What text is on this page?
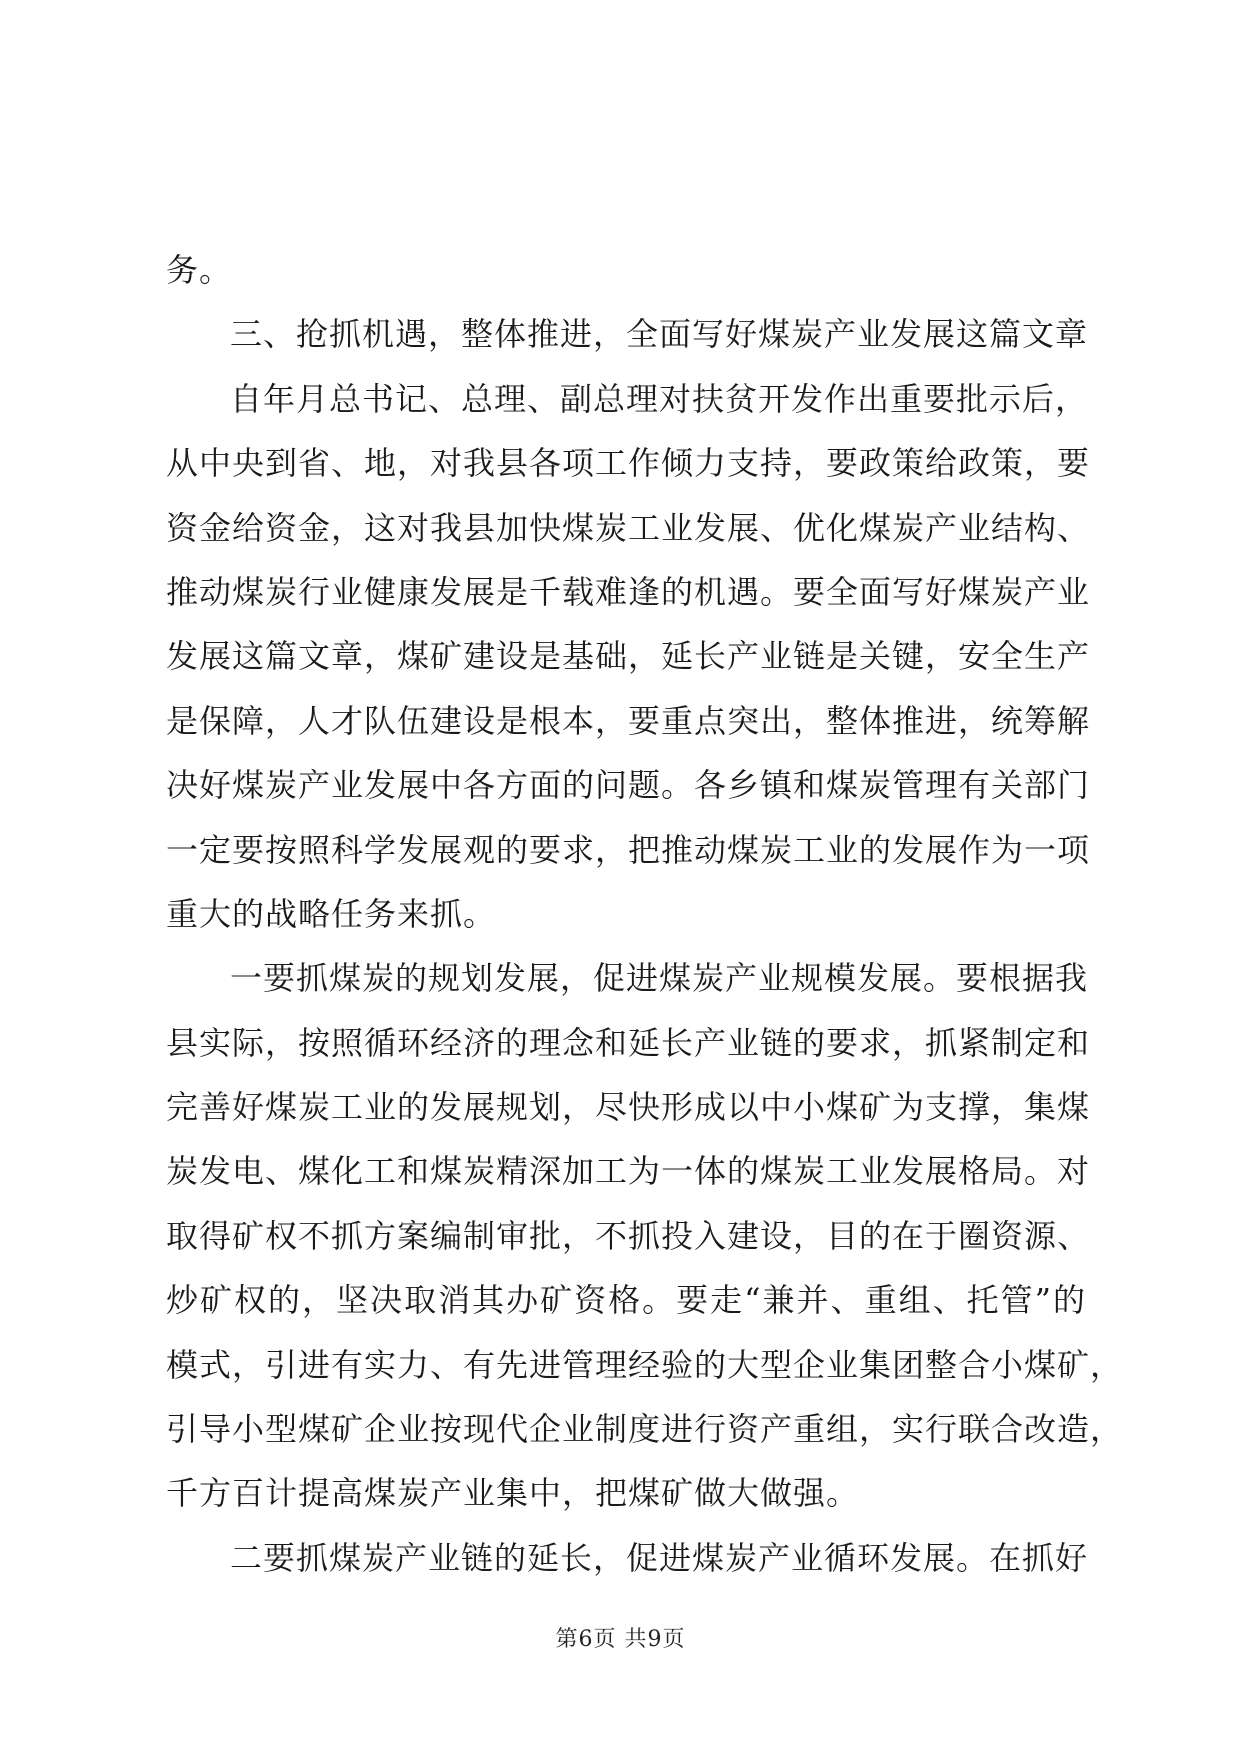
务。
三、抢抓机遇，整体推进，全面写好煤炭产业发展这篇文章
自年月总书记、总理、副总理对扶贫开发作出重要批示后，
从中央到省、地，对我县各项工作倾力支持，要政策给政策，要
资金给资金，这对我县加快煤炭工业发展、优化煤炭产业结构、
推动煤炭行业健康发展是千载难逢的机遇。要全面写好煤炭产业
发展这篇文章，煤矿建设是基础，延长产业链是关键，安全生产
是保障，人才队伍建设是根本，要重点突出，整体推进，统筹解
决好煤炭产业发展中各方面的问题。各乡镇和煤炭管理有关部门
一定要按照科学发展观的要求，把推动煤炭工业的发展作为一项
重大的战略任务来抓。
一要抓煤炭的规划发展，促进煤炭产业规模发展。要根据我
县实际，按照循环经济的理念和延长产业链的要求，抓紧制定和
完善好煤炭工业的发展规划，尽快形成以中小煤矿为支撑，集煤
炭发电、煤化工和煤炭精深加工为一体的煤炭工业发展格局。对
取得矿权不抓方案编制审批，不抓投入建设，目的在于圈资源、
炒矿权的，坚决取消其办矿资格。要走“兼并、重组、托管”的
模式，引进有实力、有先进管理经验的大型企业集团整合小煤矿，
引导小型煤矿企业按现代企业制度进行资产重组，实行联合改造，
千方百计提高煤炭产业集中，把煤矿做大做强。
二要抓煤炭产业链的延长，促进煤炭产业循环发展。在抓好
第6页 共9页
